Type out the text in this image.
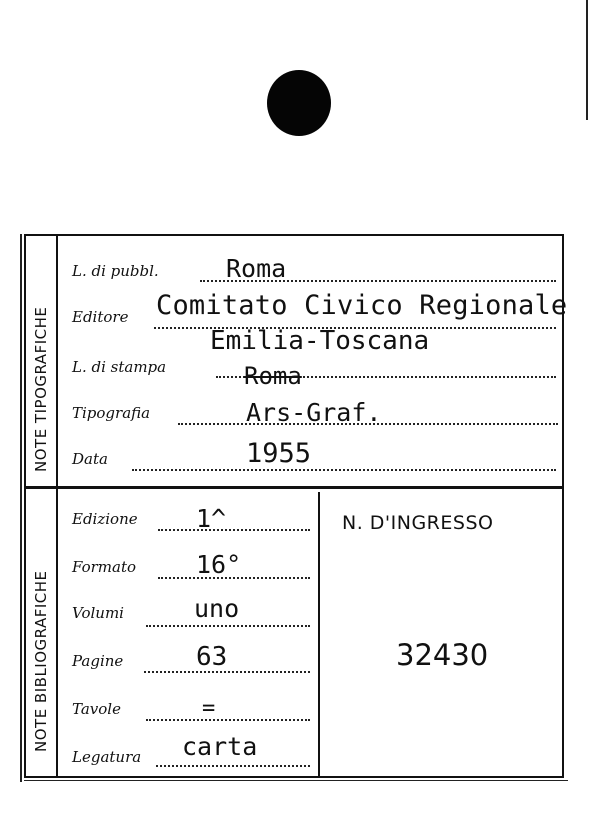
NOTE TIPOGRAFICHE
NOTE BIBLIOGRAFICHE
L. di pubbl.	Roma
Editore Comitato Civico Regionale
Emilia-Toscana
L. di stampa	Roma
Tipografia	Ars-Graf.
Data	1955
Edizione 1^
Formato 16°
Volumi	uno
Pagine	63
Tavole	=
Legatura carta
N. D'INGRESSO
32430
